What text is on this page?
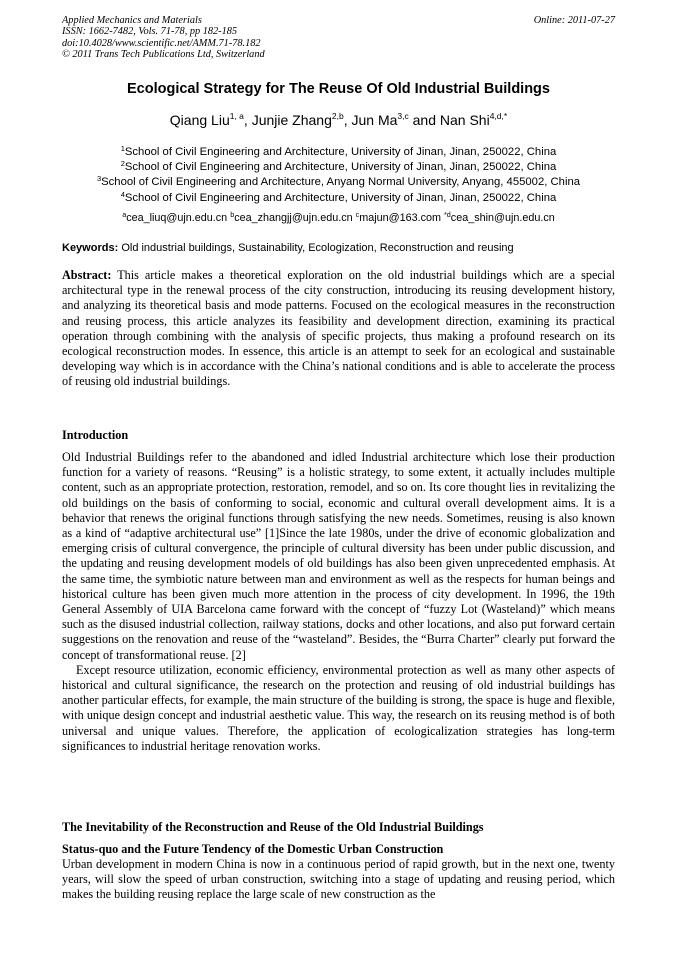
Applied Mechanics and Materials
ISSN: 1662-7482, Vols. 71-78, pp 182-185
doi:10.4028/www.scientific.net/AMM.71-78.182
© 2011 Trans Tech Publications Ltd, Switzerland
Online: 2011-07-27
Ecological Strategy for The Reuse Of Old Industrial Buildings
Qiang Liu$^{1, a}$, Junjie Zhang$^{2,b}$, Jun Ma$^{3,c}$ and Nan Shi$^{4,d,*}$
$^1$School of Civil Engineering and Architecture, University of Jinan, Jinan, 250022, China
$^2$School of Civil Engineering and Architecture, University of Jinan, Jinan, 250022, China
$^3$School of Civil Engineering and Architecture, Anyang Normal University, Anyang, 455002, China
$^4$School of Civil Engineering and Architecture, University of Jinan, Jinan, 250022, China
$^a$cea_liuq@ujn.edu.cn $^b$cea_zhangjj@ujn.edu.cn $^c$majun@163.com $^{*d}$cea_shin@ujn.edu.cn
Keywords: Old industrial buildings, Sustainability, Ecologization, Reconstruction and reusing
Abstract: This article makes a theoretical exploration on the old industrial buildings which are a special architectural type in the renewal process of the city construction, introducing its reusing development history, and analyzing its theoretical basis and mode patterns. Focused on the ecological measures in the reconstruction and reusing process, this article analyzes its feasibility and development direction, examining its practical operation through combining with the analysis of specific projects, thus making a profound research on its ecological reconstruction modes. In essence, this article is an attempt to seek for an ecological and sustainable developing way which is in accordance with the China’s national conditions and is able to accelerate the process of reusing old industrial buildings.
Introduction

Old Industrial Buildings refer to the abandoned and idled Industrial architecture which lose their production function for a variety of reasons. “Reusing” is a holistic strategy, to some extent, it actually includes multiple content, such as an appropriate protection, restoration, remodel, and so on. Its core thought lies in revitalizing the old buildings on the basis of conforming to social, economic and cultural overall development aims. It is a behavior that renews the original functions through satisfying the new needs. Sometimes, reusing is also known as a kind of “adaptive architectural use” [1]Since the late 1980s, under the drive of economic globalization and emerging crisis of cultural convergence, the principle of cultural diversity has been under public discussion, and the updating and reusing development models of old buildings has also been given unprecedented emphasis. At the same time, the symbiotic nature between man and environment as well as the respects for human beings and historical culture has been given much more attention in the process of city development. In 1996, the 19th General Assembly of UIA Barcelona came forward with the concept of “fuzzy Lot (Wasteland)” which means such as the disused industrial collection, railway stations, docks and other locations, and also put forward certain suggestions on the renovation and reuse of the “wasteland”. Besides, the “Burra Charter” clearly put forward the concept of transformational reuse. [2]

Except resource utilization, economic efficiency, environmental protection as well as many other aspects of historical and cultural significance, the research on the protection and reusing of old industrial buildings has another particular effects, for example, the main structure of the building is strong, the space is huge and flexible, with unique design concept and industrial aesthetic value. This way, the research on its reusing method is of both universal and unique values. Therefore, the application of ecologicalization strategies has long-term significances to industrial heritage renovation works.

The Inevitability of the Reconstruction and Reuse of the Old Industrial Buildings
Status-quo and the Future Tendency of the Domestic Urban Construction
Urban development in modern China is now in a continuous period of rapid growth, but in the next one, twenty years, will slow the speed of urban construction, switching into a stage of updating and reusing period, which makes the building reusing replace the large scale of new construction as the
